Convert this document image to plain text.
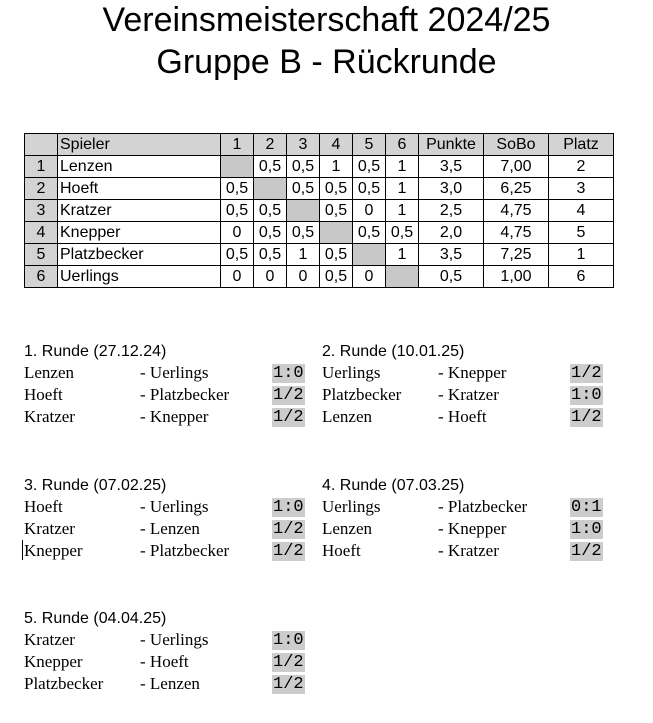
Vereinsmeisterschaft 2024/25
Gruppe B - Rückrunde
	Spieler	1	2	3	4	5	6	Punkte	SoBo	Platz
1	Lenzen		0,5	0,5	1	0,5	1	3,5	7,00	2
2	Hoeft	0,5		0,5	0,5	0,5	1	3,0	6,25	3
3	Kratzer	0,5	0,5		0,5	0	1	2,5	4,75	4
4	Knepper	0	0,5	0,5		0,5	0,5	2,0	4,75	5
5	Platzbecker	0,5	0,5	1	0,5		1	3,5	7,25	1
6	Uerlings	0	0	0	0,5	0		0,5	1,00	6
1. Runde (27.12.24)
Lenzen	- Uerlings	1:0
Hoeft	- Platzbecker	1/2
Kratzer	- Knepper	1/2
2. Runde (10.01.25)
Uerlings	- Knepper	1/2
Platzbecker - Kratzer	1:0
Lenzen	- Hoeft	1/2
3. Runde (07.02.25)
Hoeft	- Uerlings	1:0
Kratzer	- Lenzen	1/2
Knepper	- Platzbecker	1/2
4. Runde (07.03.25)
Uerlings	- Platzbecker	0:1
Lenzen	- Knepper	1:0
Hoeft	- Kratzer	1/2
5. Runde (04.04.25)
Kratzer	- Uerlings	1:0
Knepper	- Hoeft	1/2
Platzbecker - Lenzen	1/2
